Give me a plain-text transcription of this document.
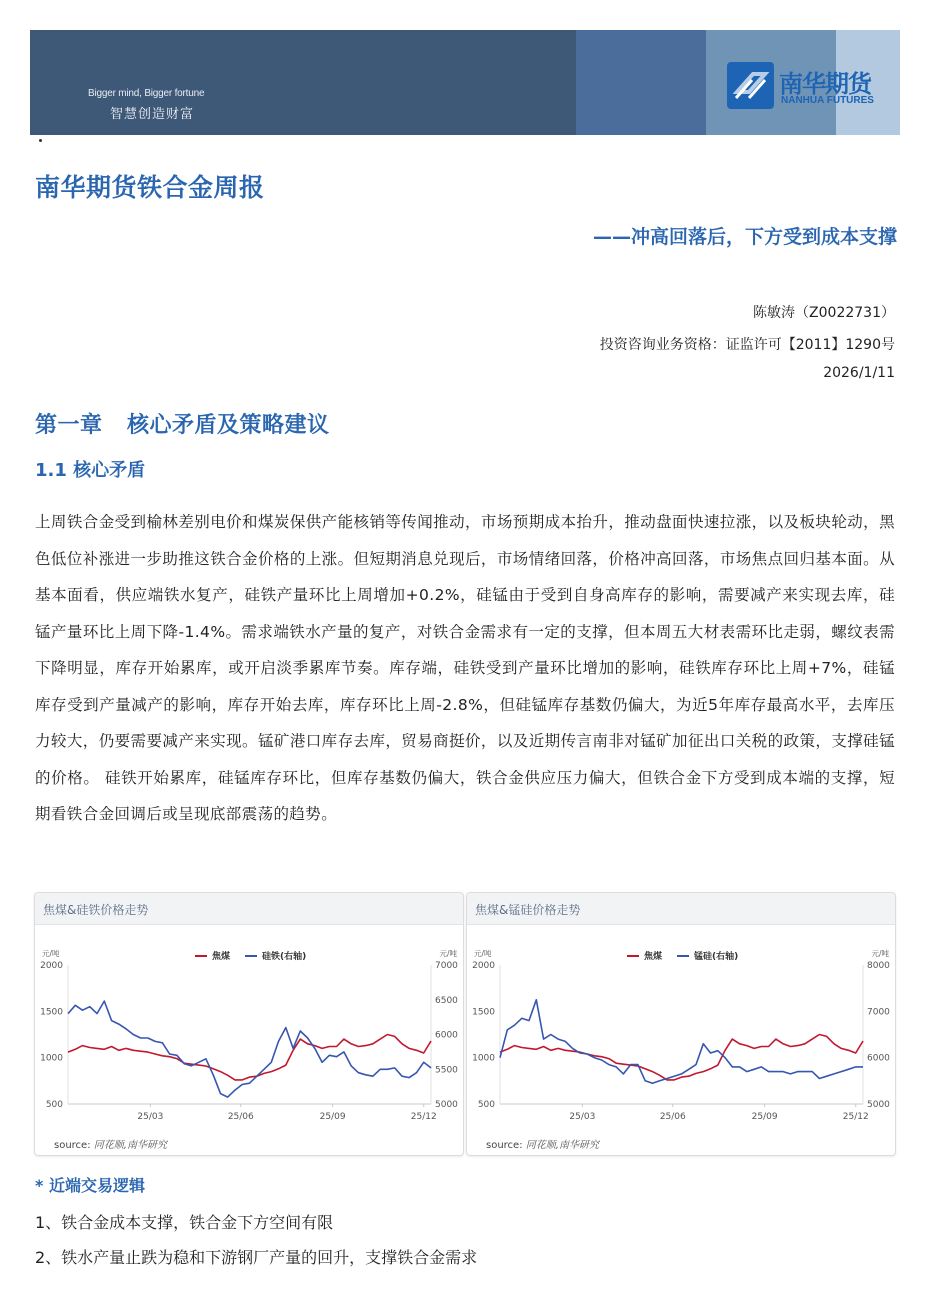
Bigger mind, Bigger fortune
智慧创造财富
南华期货
NANHUA FUTURES
南华期货铁合金周报
——冲高回落后，下方受到成本支撑
陈敏涛（Z0022731）
投资咨询业务资格：证监许可【2011】1290号
2026/1/11
第一章   核心矛盾及策略建议
1.1 核心矛盾
上周铁合金受到榆林差别电价和煤炭保供产能核销等传闻推动，市场预期成本抬升，推动盘面快速拉涨，以及板块轮动，黑色低位补涨进一步助推这铁合金价格的上涨。但短期消息兑现后，市场情绪回落，价格冲高回落，市场焦点回归基本面。从基本面看，供应端铁水复产，硅铁产量环比上周增加+0.2%，硅锰由于受到自身高库存的影响，需要减产来实现去库，硅锰产量环比上周下降-1.4%。需求端铁水产量的复产，对铁合金需求有一定的支撑，但本周五大材表需环比走弱，螺纹表需下降明显，库存开始累库，或开启淡季累库节奏。库存端，硅铁受到产量环比增加的影响，硅铁库存环比上周+7%，硅锰库存受到产量减产的影响，库存开始去库，库存环比上周-2.8%，但硅锰库存基数仍偏大，为近5年库存最高水平，去库压力较大，仍要需要减产来实现。锰矿港口库存去库，贸易商挺价，以及近期传言南非对锰矿加征出口关税的政策，支撑硅锰的价格。 硅铁开始累库，硅锰库存环比，但库存基数仍偏大，铁合金供应压力偏大，但铁合金下方受到成本端的支撑，短期看铁合金回调后或呈现底部震荡的趋势。
焦煤&硅铁价格走势
元/吨	元/吨
500
1000
1500
2000
5000
5500
6000
6500
7000
25/03	25/06	25/09	25/12
焦煤	硅铁(右轴)
source: 同花顺,南华研究
焦煤&锰硅价格走势
元/吨	元/吨
500
1000
1500
2000
5000
6000
7000
8000
25/03	25/06	25/09	25/12
焦煤	锰硅(右轴)
source: 同花顺,南华研究
* 近端交易逻辑
1、铁合金成本支撑，铁合金下方空间有限
2、铁水产量止跌为稳和下游钢厂产量的回升，支撑铁合金需求
